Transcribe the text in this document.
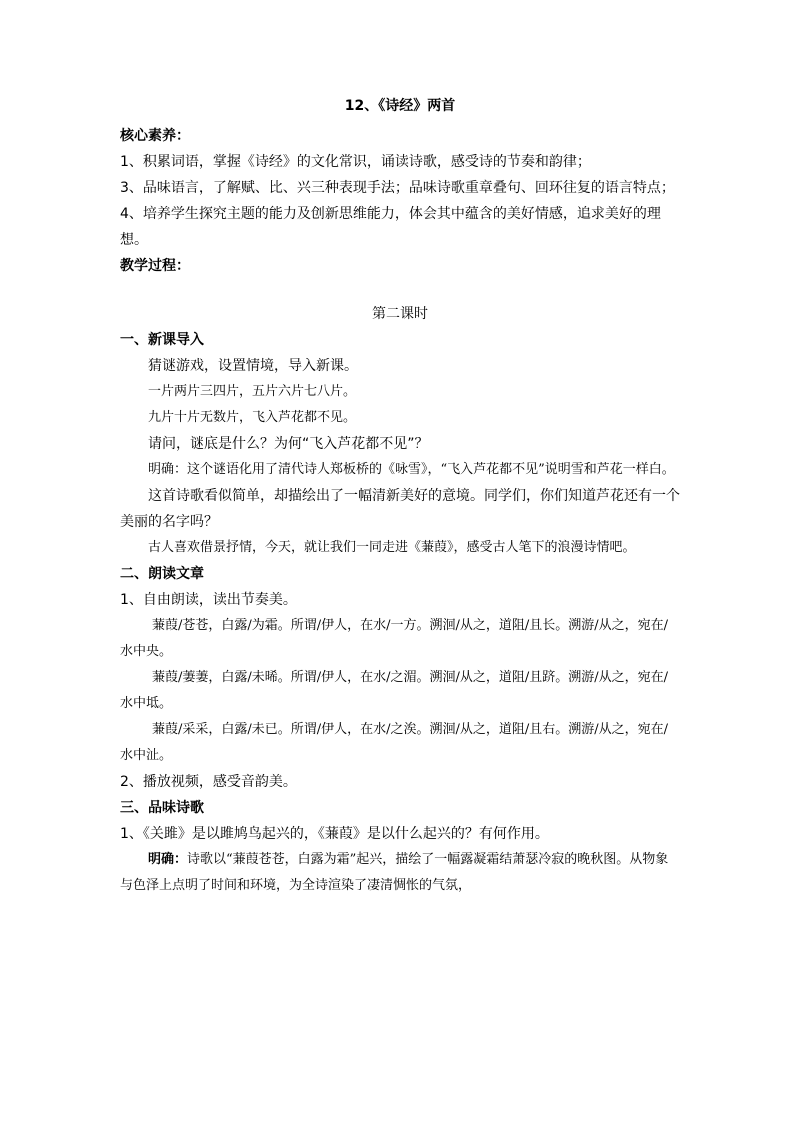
12、《诗经》两首

核心素养：

1、积累词语，掌握《诗经》的文化常识，诵读诗歌，感受诗的节奏和韵律；

3、品味语言，了解赋、比、兴三种表现手法；品味诗歌重章叠句、回环往复的语言特点；

4、培养学生探究主题的能力及创新思维能力，体会其中蕴含的美好情感，追求美好的理想。

教学过程：

第二课时

一、新课导入

猜谜游戏，设置情境，导入新课。

一片两片三四片，五片六片七八片。

九片十片无数片，飞入芦花都不见。

请问，谜底是什么？为何“飞入芦花都不见”？

明确：这个谜语化用了清代诗人郑板桥的《咏雪》，“飞入芦花都不见”说明雪和芦花一样白。

这首诗歌看似简单，却描绘出了一幅清新美好的意境。同学们，你们知道芦花还有一个美丽的名字吗？

古人喜欢借景抒情，今天，就让我们一同走进《蒹葭》，感受古人笔下的浪漫诗情吧。

二、朗读文章

1、自由朗读，读出节奏美。

蒹葭/苍苍，白露/为霜。所谓/伊人，在水/一方。溯洄/从之，道阻/且长。溯游/从之，宛在/水中央。

蒹葭/萋萋，白露/未晞。所谓/伊人，在水/之湄。溯洄/从之，道阻/且跻。溯游/从之，宛在/水中坻。

蒹葭/采采，白露/未已。所谓/伊人，在水/之涘。溯洄/从之，道阻/且右。溯游/从之，宛在/水中沚。

2、播放视频，感受音韵美。

三、品味诗歌

1、《关雎》是以雎鸠鸟起兴的，《蒹葭》是以什么起兴的？有何作用。

明确：诗歌以“蒹葭苍苍，白露为霜”起兴，描绘了一幅露凝霜结萧瑟冷寂的晚秋图。从物象与色泽上点明了时间和环境，为全诗渲染了凄清惆怅的气氛，
